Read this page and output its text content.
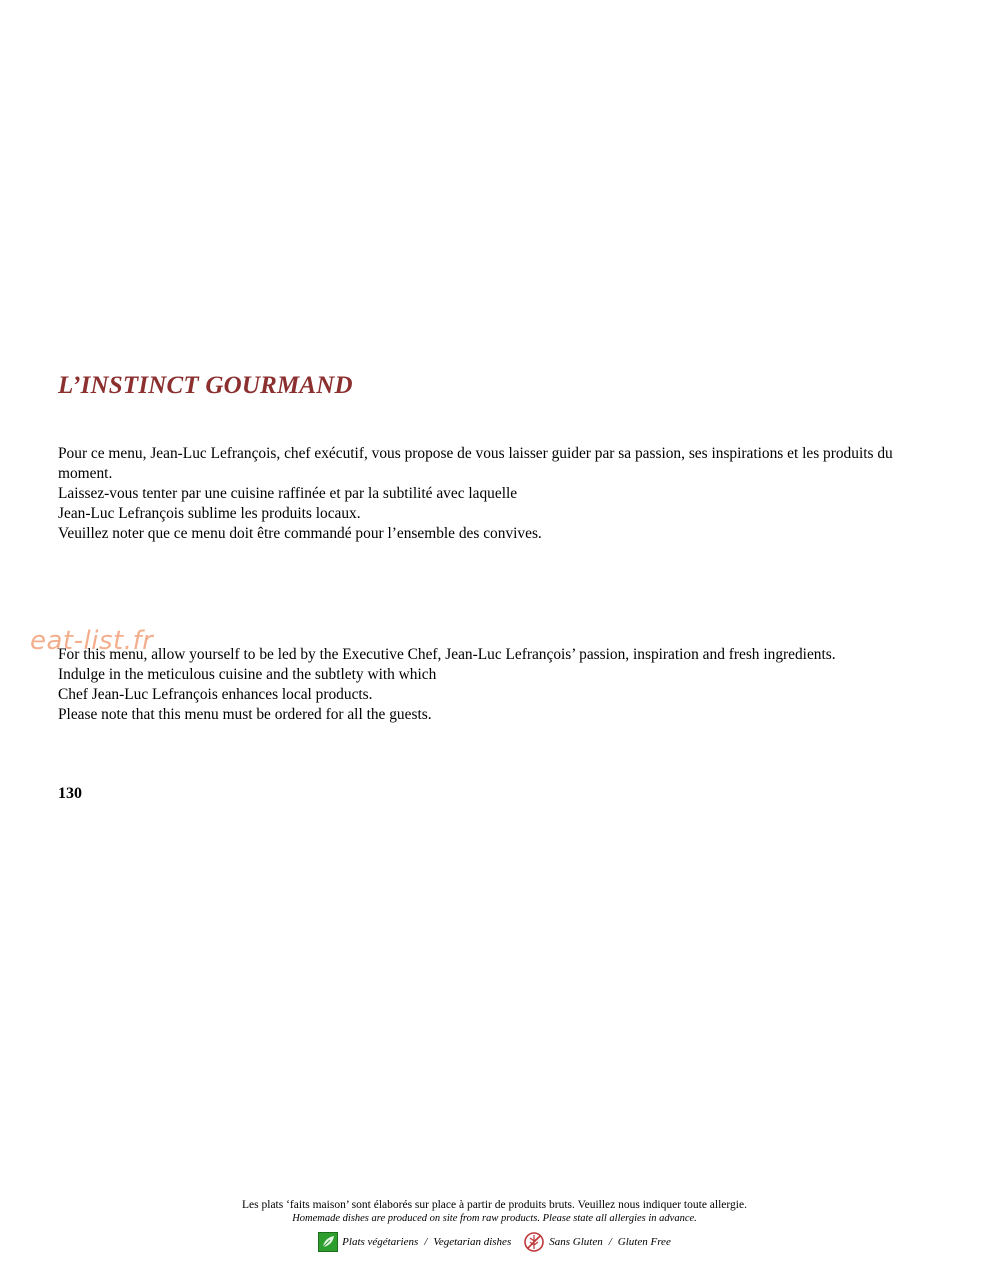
L’INSTINCT GOURMAND

Pour ce menu, Jean-Luc Lefrançois, chef exécutif, vous propose de vous laisser guider par sa passion, ses inspirations et les produits du moment.

Laissez-vous tenter par une cuisine raffinée et par la subtilité avec laquelle

Jean-Luc Lefrançois sublime les produits locaux.

Veuillez noter que ce menu doit être commandé pour l’ensemble des convives.

eat-list.fr

For this menu, allow yourself to be led by the Executive Chef, Jean-Luc Lefrançois’ passion, inspiration and fresh ingredients.

Indulge in the meticulous cuisine and the subtlety with which

Chef Jean-Luc Lefrançois enhances local products.

Please note that this menu must be ordered for all the guests.

130
Les plats ‘faits maison’ sont élaborés sur place à partir de produits bruts. Veuillez nous indiquer toute allergie.
Homemade dishes are produced on site from raw products. Please state all allergies in advance.
Plats végétariens / Vegetarian dishes	Sans Gluten / Gluten Free
